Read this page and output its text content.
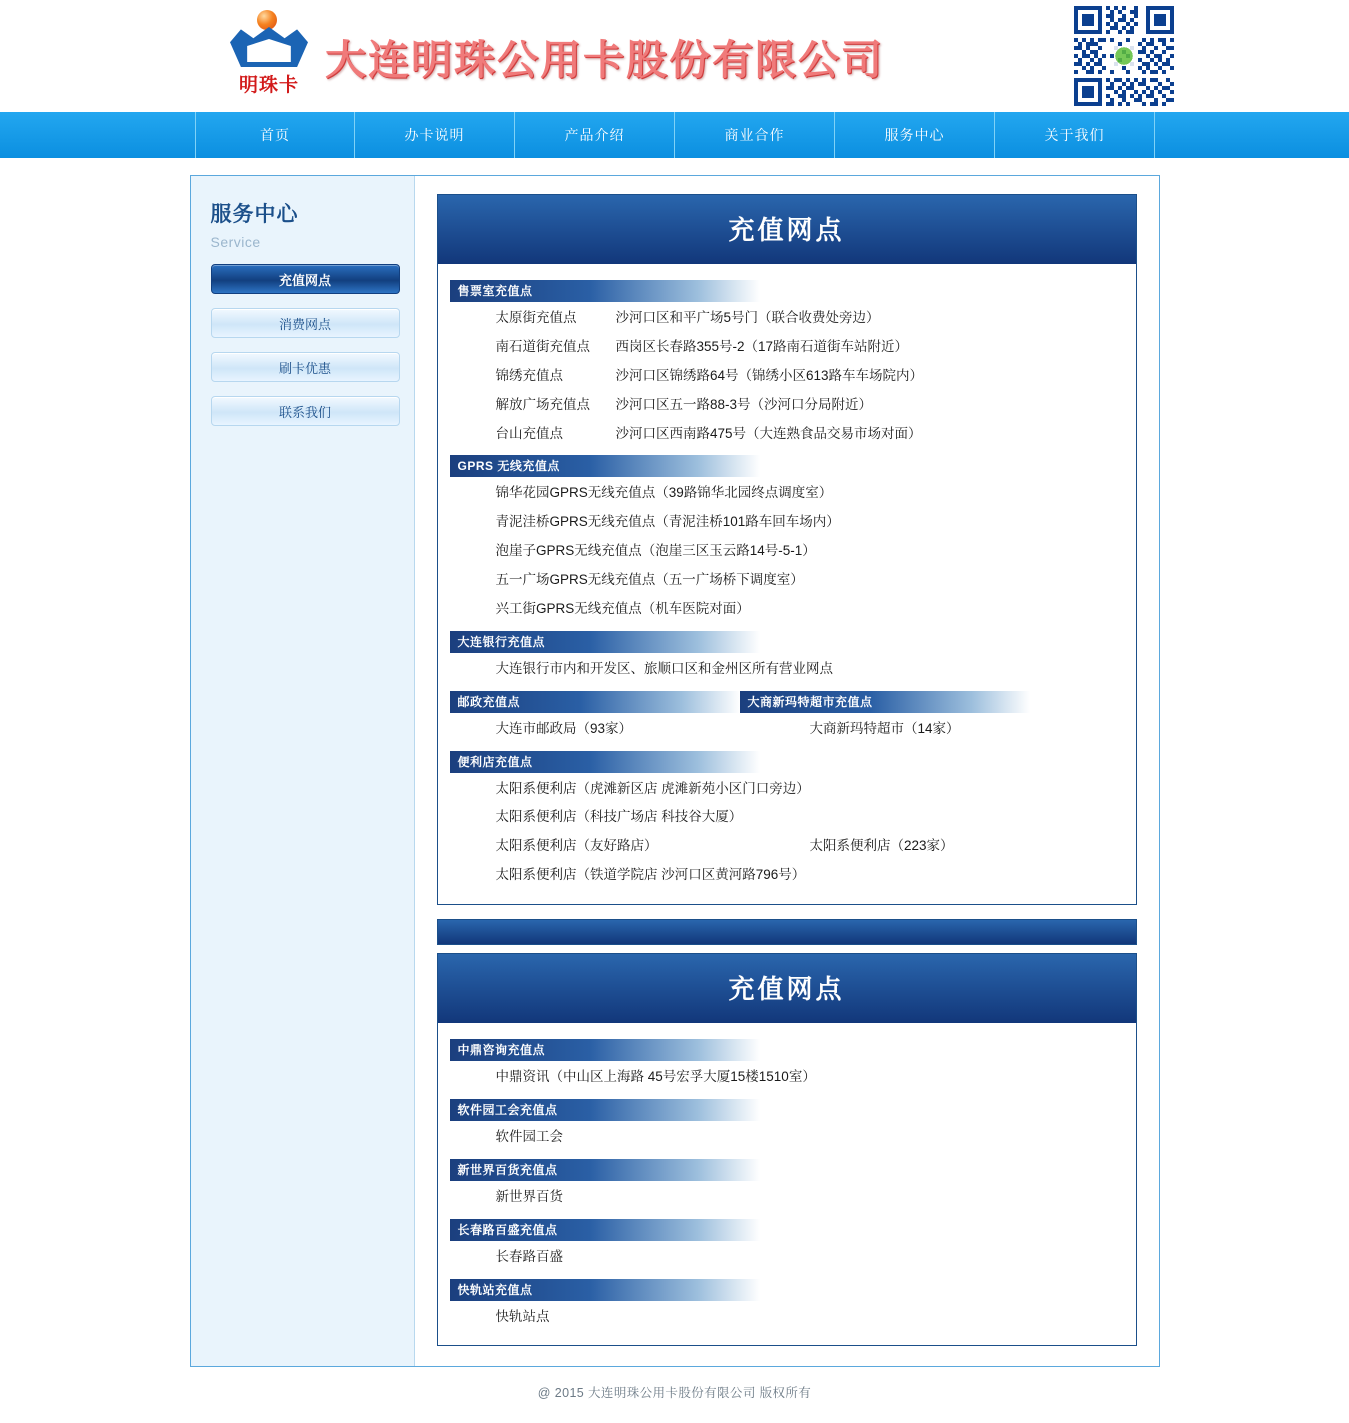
明珠卡
大连明珠公用卡股份有限公司
首页	办卡说明	产品介绍	商业合作	服务中心	关于我们
服务中心
Service
充值网点
消费网点
刷卡优惠
联系我们
充值网点
售票室充值点
太原街充值点	沙河口区和平广场5号门（联合收费处旁边）
南石道街充值点	西岗区长春路355号-2（17路南石道街车站附近）
锦绣充值点	沙河口区锦绣路64号（锦绣小区613路车车场院内）
解放广场充值点	沙河口区五一路88-3号（沙河口分局附近）
台山充值点	沙河口区西南路475号（大连熟食品交易市场对面）
GPRS 无线充值点
锦华花园GPRS无线充值点（39路锦华北园终点调度室）
青泥洼桥GPRS无线充值点（青泥洼桥101路车回车场内）
泡崖子GPRS无线充值点（泡崖三区玉云路14号-5-1）
五一广场GPRS无线充值点（五一广场桥下调度室）
兴工街GPRS无线充值点（机车医院对面）
大连银行充值点
大连银行市内和开发区、旅顺口区和金州区所有营业网点
邮政充值点	大商新玛特超市充值点
大连市邮政局（93家）	大商新玛特超市（14家）
便利店充值点
太阳系便利店（虎滩新区店 虎滩新苑小区门口旁边）
太阳系便利店（科技广场店 科技谷大厦）
太阳系便利店（友好路店）	太阳系便利店（223家）
太阳系便利店（铁道学院店 沙河口区黄河路796号）
充值网点
中鼎咨询充值点
中鼎资讯（中山区上海路 45号宏孚大厦15楼1510室）
软件园工会充值点
软件园工会
新世界百货充值点
新世界百货
长春路百盛充值点
长春路百盛
快轨站充值点
快轨站点
@ 2015 大连明珠公用卡股份有限公司 版权所有
